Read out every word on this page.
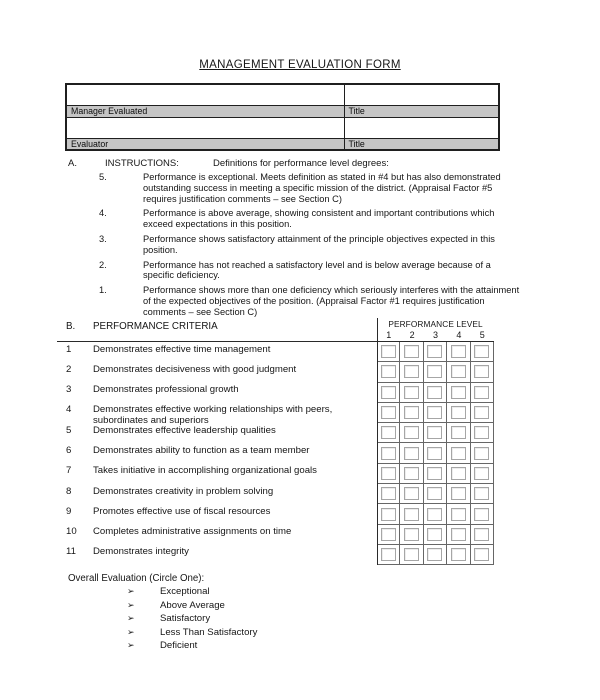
MANAGEMENT EVALUATION FORM

Manager Evaluated	Title

Evaluator	Title
A.	INSTRUCTIONS:	Definitions for performance level degrees:
5.	Performance is exceptional. Meets definition as stated in #4 but has also demonstrated outstanding success in meeting a specific mission of the district. (Appraisal Factor #5 requires justification comments – see Section C)
4.	Performance is above average, showing consistent and important contributions which exceed expectations in this position.
3.	Performance shows satisfactory attainment of the principle objectives expected in this position.
2.	Performance has not reached a satisfactory level and is below average because of a specific deficiency.
1.	Performance shows more than one deficiency which seriously interferes with the attainment of the expected objectives of the position. (Appraisal Factor #1 requires justification comments – see Section C)
B. PERFORMANCE CRITERIA	PERFORMANCE LEVEL
1	2	3	4	5
1	Demonstrates effective time management
2	Demonstrates decisiveness with good judgment
3	Demonstrates professional growth
4	Demonstrates effective working relationships with peers, subordinates and superiors
5	Demonstrates effective leadership qualities
6	Demonstrates ability to function as a team member
7	Takes initiative in accomplishing organizational goals
8	Demonstrates creativity in problem solving
9	Promotes effective use of fiscal resources
10	Completes administrative assignments on time
11	Demonstrates integrity
Overall Evaluation (Circle One):
➢	Exceptional
➢	Above Average
➢	Satisfactory
➢	Less Than Satisfactory
➢	Deficient
